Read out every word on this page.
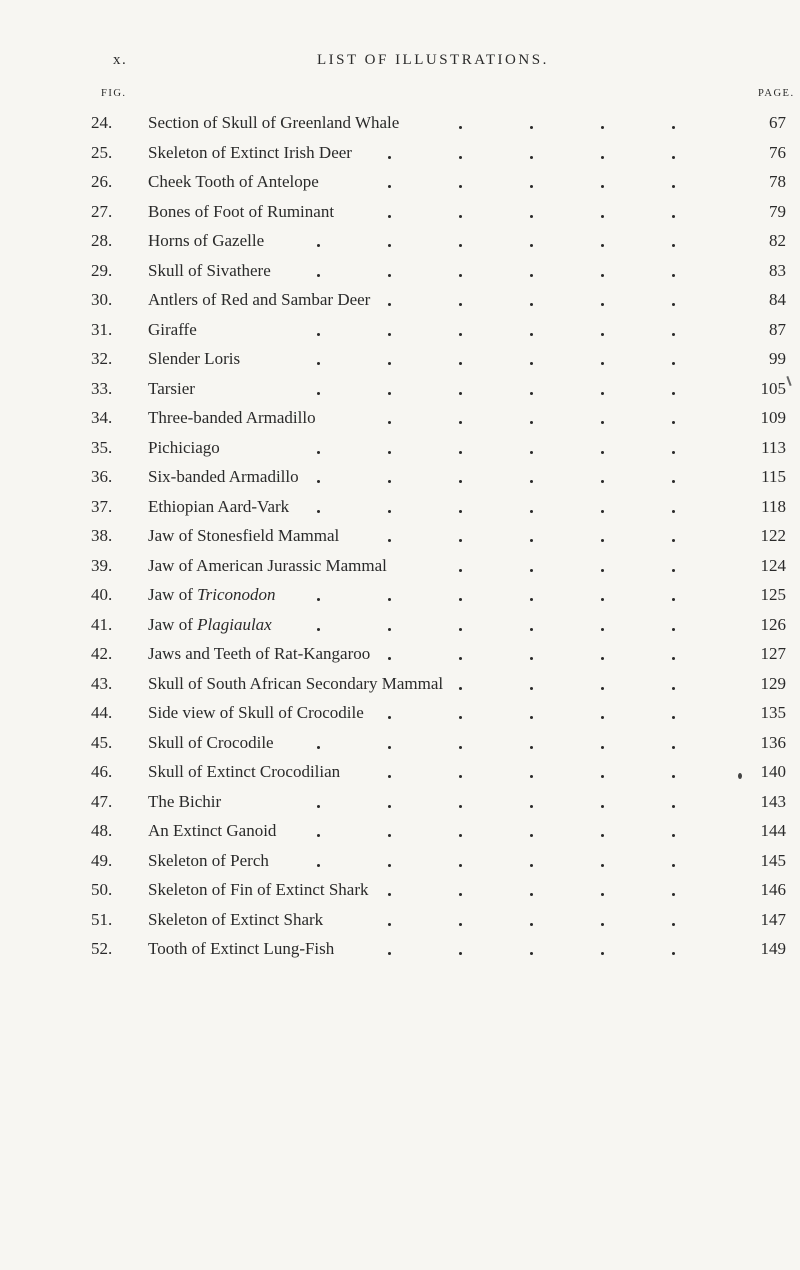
x.	LIST OF ILLUSTRATIONS.
FIG.	PAGE.
24.	Section of Skull of Greenland Whale	67
25.	Skeleton of Extinct Irish Deer	76
26.	Cheek Tooth of Antelope	78
27.	Bones of Foot of Ruminant	79
28.	Horns of Gazelle	82
29.	Skull of Sivathere	83
30.	Antlers of Red and Sambar Deer	84
31.	Giraffe	87
32.	Slender Loris	99
33.	Tarsier	105
34.	Three-banded Armadillo	109
35.	Pichiciago	113
36.	Six-banded Armadillo	115
37.	Ethiopian Aard-Vark	118
38.	Jaw of Stonesfield Mammal	122
39.	Jaw of American Jurassic Mammal	124
40.	Jaw of Triconodon	125
41.	Jaw of Plagiaulax	126
42.	Jaws and Teeth of Rat-Kangaroo	127
43.	Skull of South African Secondary Mammal	129
44.	Side view of Skull of Crocodile	135
45.	Skull of Crocodile	136
46.	Skull of Extinct Crocodilian	140
47.	The Bichir	143
48.	An Extinct Ganoid	144
49.	Skeleton of Perch	145
50.	Skeleton of Fin of Extinct Shark	146
51.	Skeleton of Extinct Shark	147
52.	Tooth of Extinct Lung-Fish	149
